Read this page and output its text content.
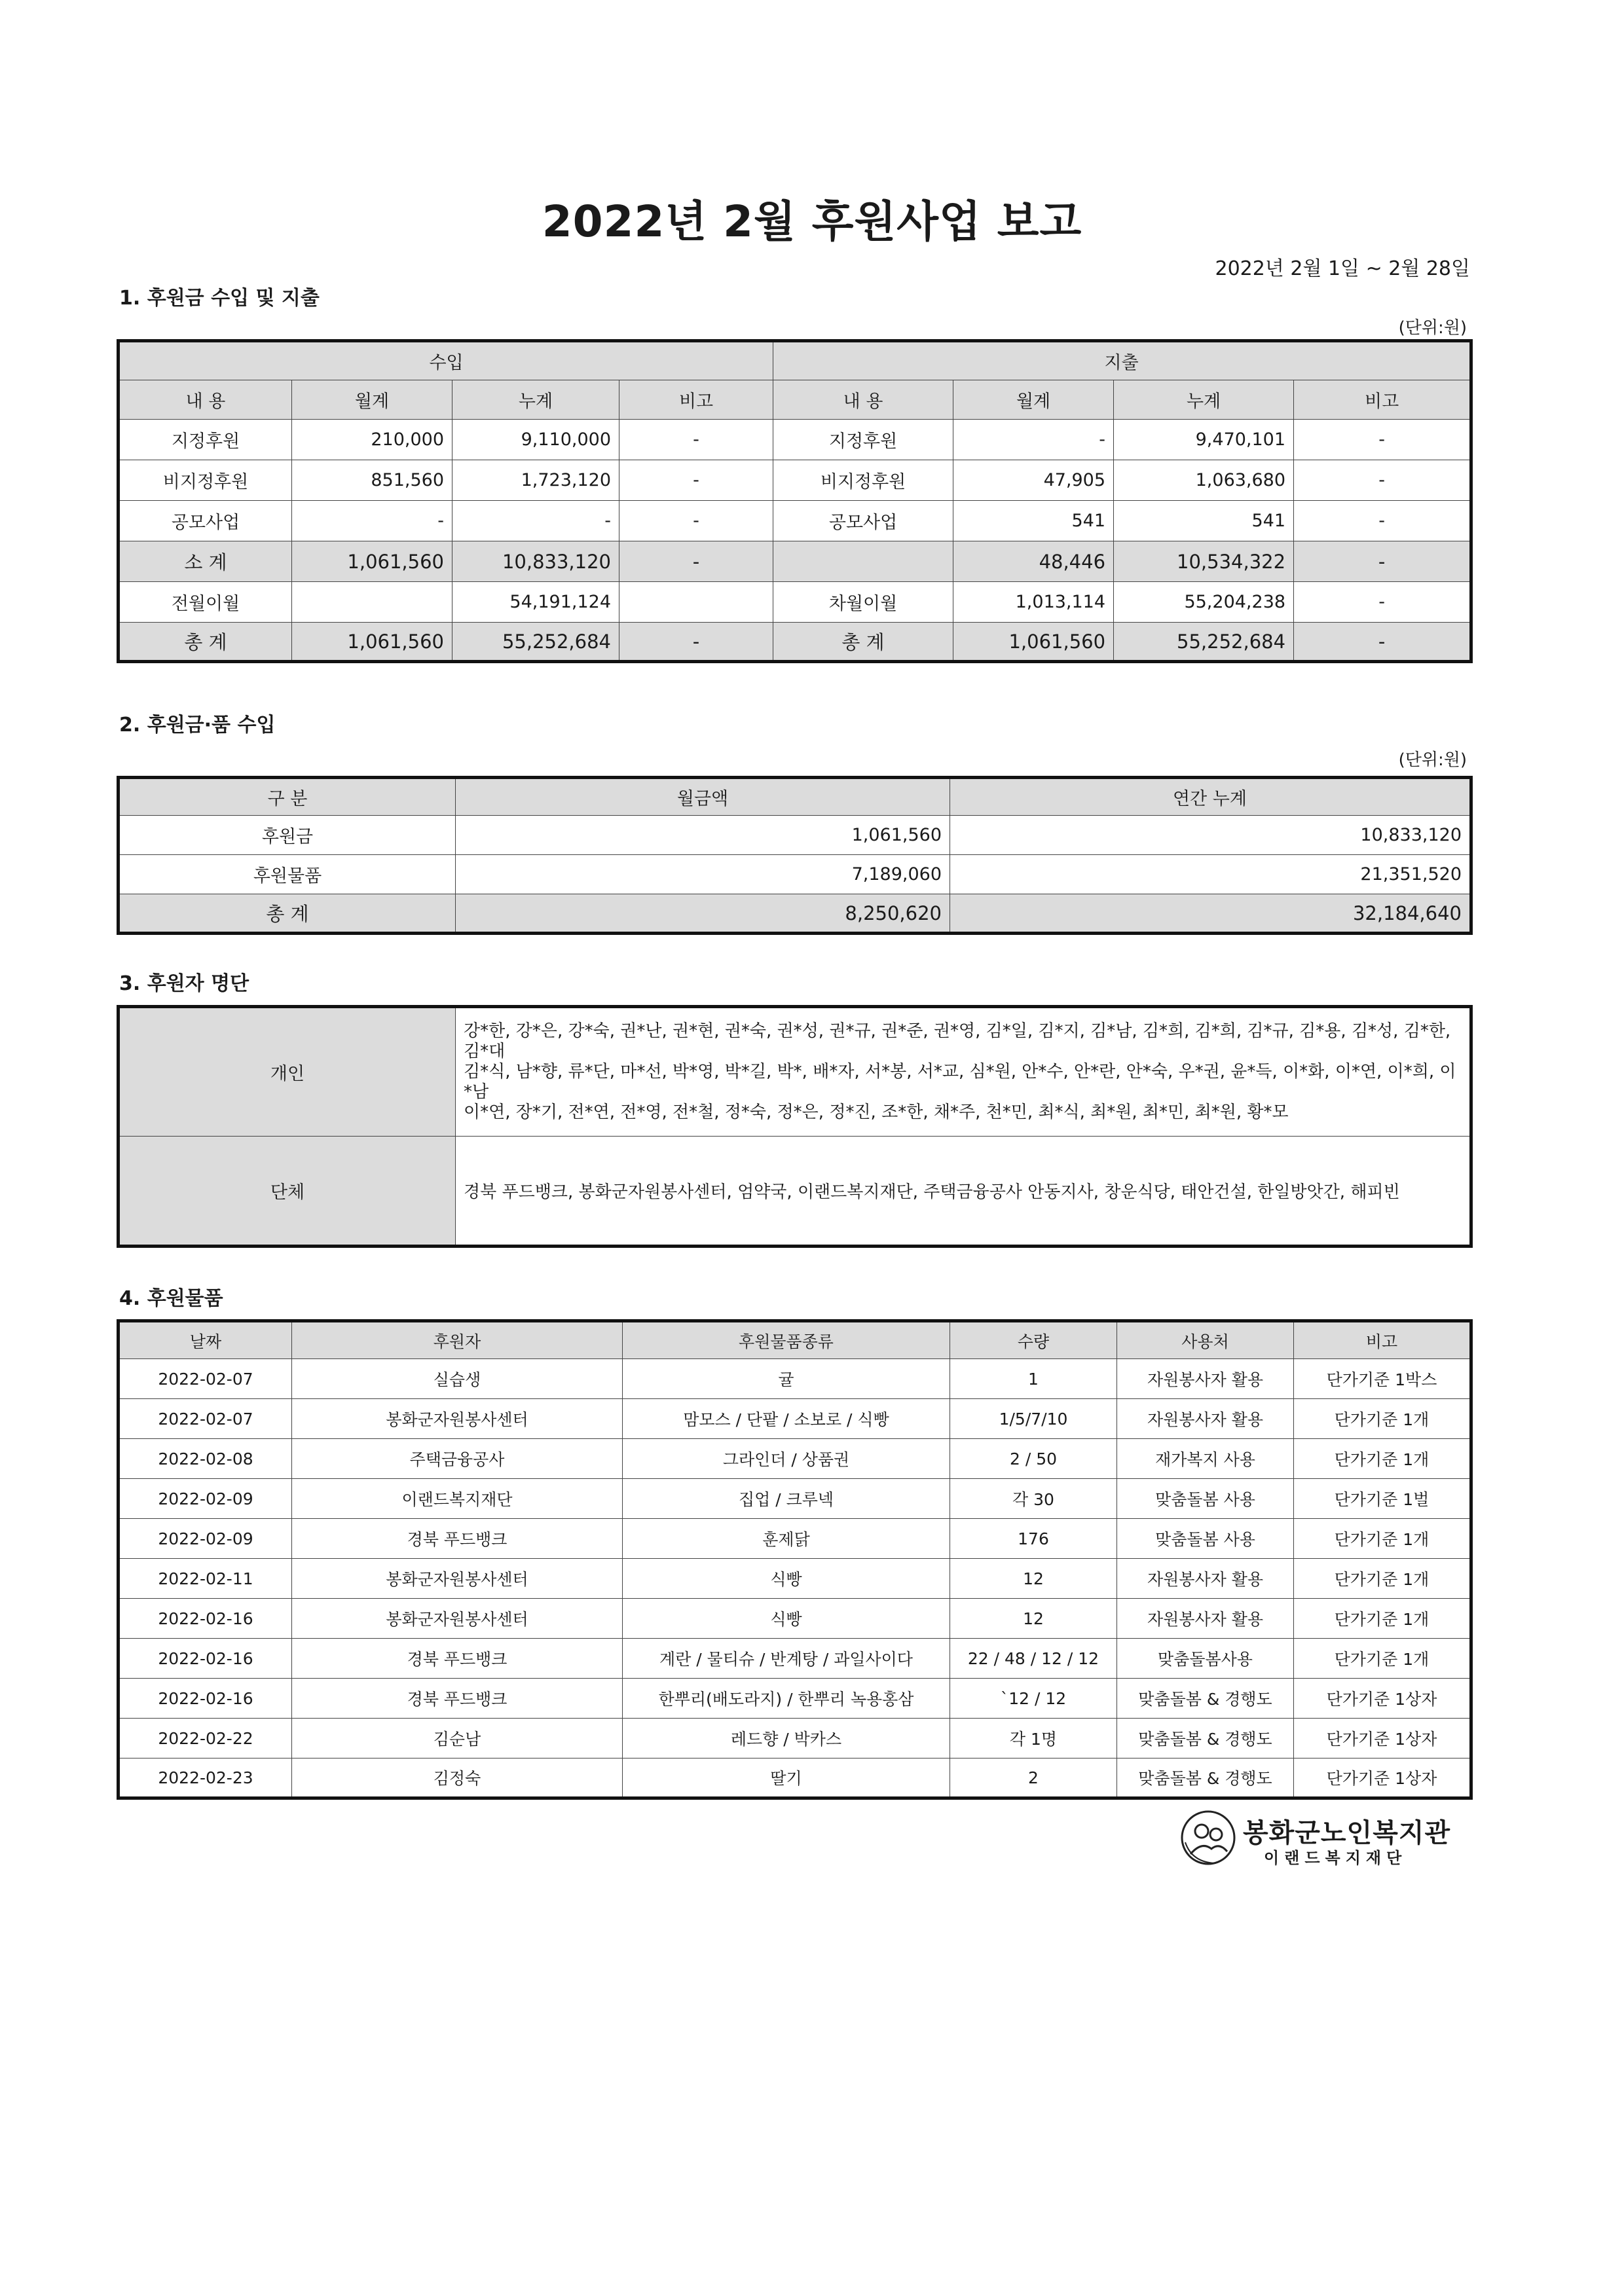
2022년 2월 후원사업 보고
2022년 2월 1일 ~ 2월 28일
1. 후원금 수입 및 지출
(단위:원)
수입				지출			
내 용	월계	누계	비고	내 용	월계	누계	비고
지정후원	210,000	9,110,000	-	지정후원	-	9,470,101	-
비지정후원	851,560	1,723,120	-	비지정후원	47,905	1,063,680	-
공모사업	-	-	-	공모사업	541	541	-
소 계	1,061,560	10,833,120	-		48,446	10,534,322	-
전월이월		54,191,124		차월이월	1,013,114	55,204,238	-
총 계	1,061,560	55,252,684	-	총 계	1,061,560	55,252,684	-
2. 후원금·품 수입
(단위:원)
구 분	월금액	연간 누계
후원금	1,061,560	10,833,120
후원물품	7,189,060	21,351,520
총 계	8,250,620	32,184,640
3. 후원자 명단
개인	강*한, 강*은, 강*숙, 권*난, 권*현, 권*숙, 권*성, 권*규, 권*준, 권*영, 김*일, 김*지, 김*남, 김*희, 김*희, 김*규, 김*용, 김*성, 김*한, 김*대
김*식, 남*향, 류*단, 마*선, 박*영, 박*길, 박*, 배*자, 서*봉, 서*교, 심*원, 안*수, 안*란, 안*숙, 우*권, 윤*득, 이*화, 이*연, 이*희, 이*남
이*연, 장*기, 전*연, 전*영, 전*철, 정*숙, 정*은, 정*진, 조*한, 채*주, 천*민, 최*식, 최*원, 최*민, 최*원, 황*모

단체	경북 푸드뱅크, 봉화군자원봉사센터, 엄약국, 이랜드복지재단, 주택금융공사 안동지사, 창운식당, 태안건설, 한일방앗간, 해피빈
4. 후원물품
날짜	후원자	후원물품종류	수량	사용처	비고
2022-02-07	실습생	귤	1	자원봉사자 활용	단가기준 1박스
2022-02-07	봉화군자원봉사센터	맘모스 / 단팥 / 소보로 / 식빵	1/5/7/10	자원봉사자 활용	단가기준 1개
2022-02-08	주택금융공사	그라인더 / 상품권	2 / 50	재가복지 사용	단가기준 1개
2022-02-09	이랜드복지재단	집업 / 크루넥	각 30	맞춤돌봄 사용	단가기준 1벌
2022-02-09	경북 푸드뱅크	훈제닭	176	맞춤돌봄 사용	단가기준 1개
2022-02-11	봉화군자원봉사센터	식빵	12	자원봉사자 활용	단가기준 1개
2022-02-16	봉화군자원봉사센터	식빵	12	자원봉사자 활용	단가기준 1개
2022-02-16	경북 푸드뱅크	계란 / 물티슈 / 반계탕 / 과일사이다	22 / 48 / 12 / 12	맞춤돌봄사용	단가기준 1개
2022-02-16	경북 푸드뱅크	한뿌리(배도라지) / 한뿌리 녹용홍삼	`12 / 12	맞춤돌봄 & 경행도	단가기준 1상자
2022-02-22	김순남	레드향 / 박카스	각 1명	맞춤돌봄 & 경행도	단가기준 1상자
2022-02-23	김정숙	딸기	2	맞춤돌봄 & 경행도	단가기준 1상자
봉화군노인복지관
이랜드복지재단
